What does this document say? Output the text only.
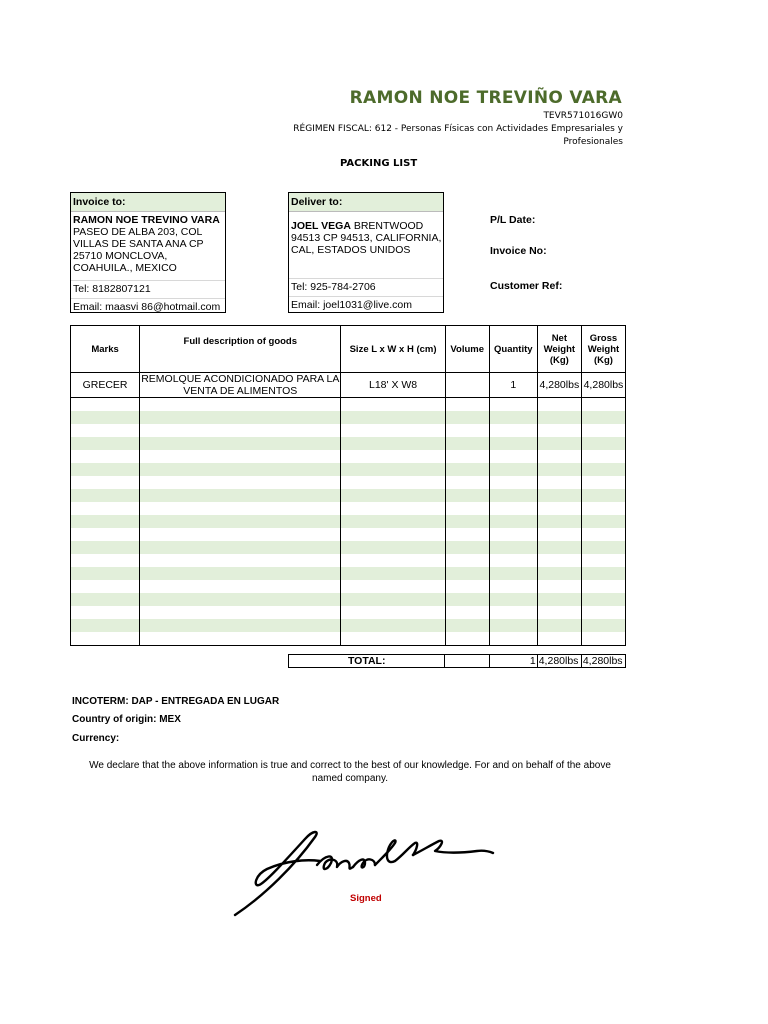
RAMON NOE TREVIÑO VARA
TEVR571016GW0
RÉGIMEN FISCAL: 612 - Personas Físicas con Actividades Empresariales y
Profesionales
PACKING LIST
Invoice to:
RAMON NOE TREVINO VARA PASEO DE ALBA 203, COL VILLAS DE SANTA ANA CP 25710 MONCLOVA, COAHUILA., MEXICO
Tel: 8182807121
Email: maasvi 86@hotmail.com
Deliver to:
JOEL VEGA BRENTWOOD 94513 CP 94513, CALIFORNIA, CAL, ESTADOS UNIDOS
Tel: 925-784-2706
Email: joel1031@live.com
P/L Date:
Invoice No:
Customer Ref:
Marks	Full description of goods	Size L x W x H (cm)	Volume	Quantity	Net Weight (Kg)	Gross Weight (Kg)
GRECER	REMOLQUE ACONDICIONADO PARA LA VENTA DE ALIMENTOS	L18' X W8		1	4,280lbs	4,280lbs

TOTAL:		1	4,280lbs	4,280lbs
INCOTERM: DAP - ENTREGADA EN LUGAR
Country of origin: MEX
Currency:
We declare that the above information is true and correct to the best of our knowledge. For and on behalf of the above named company.
Signed
